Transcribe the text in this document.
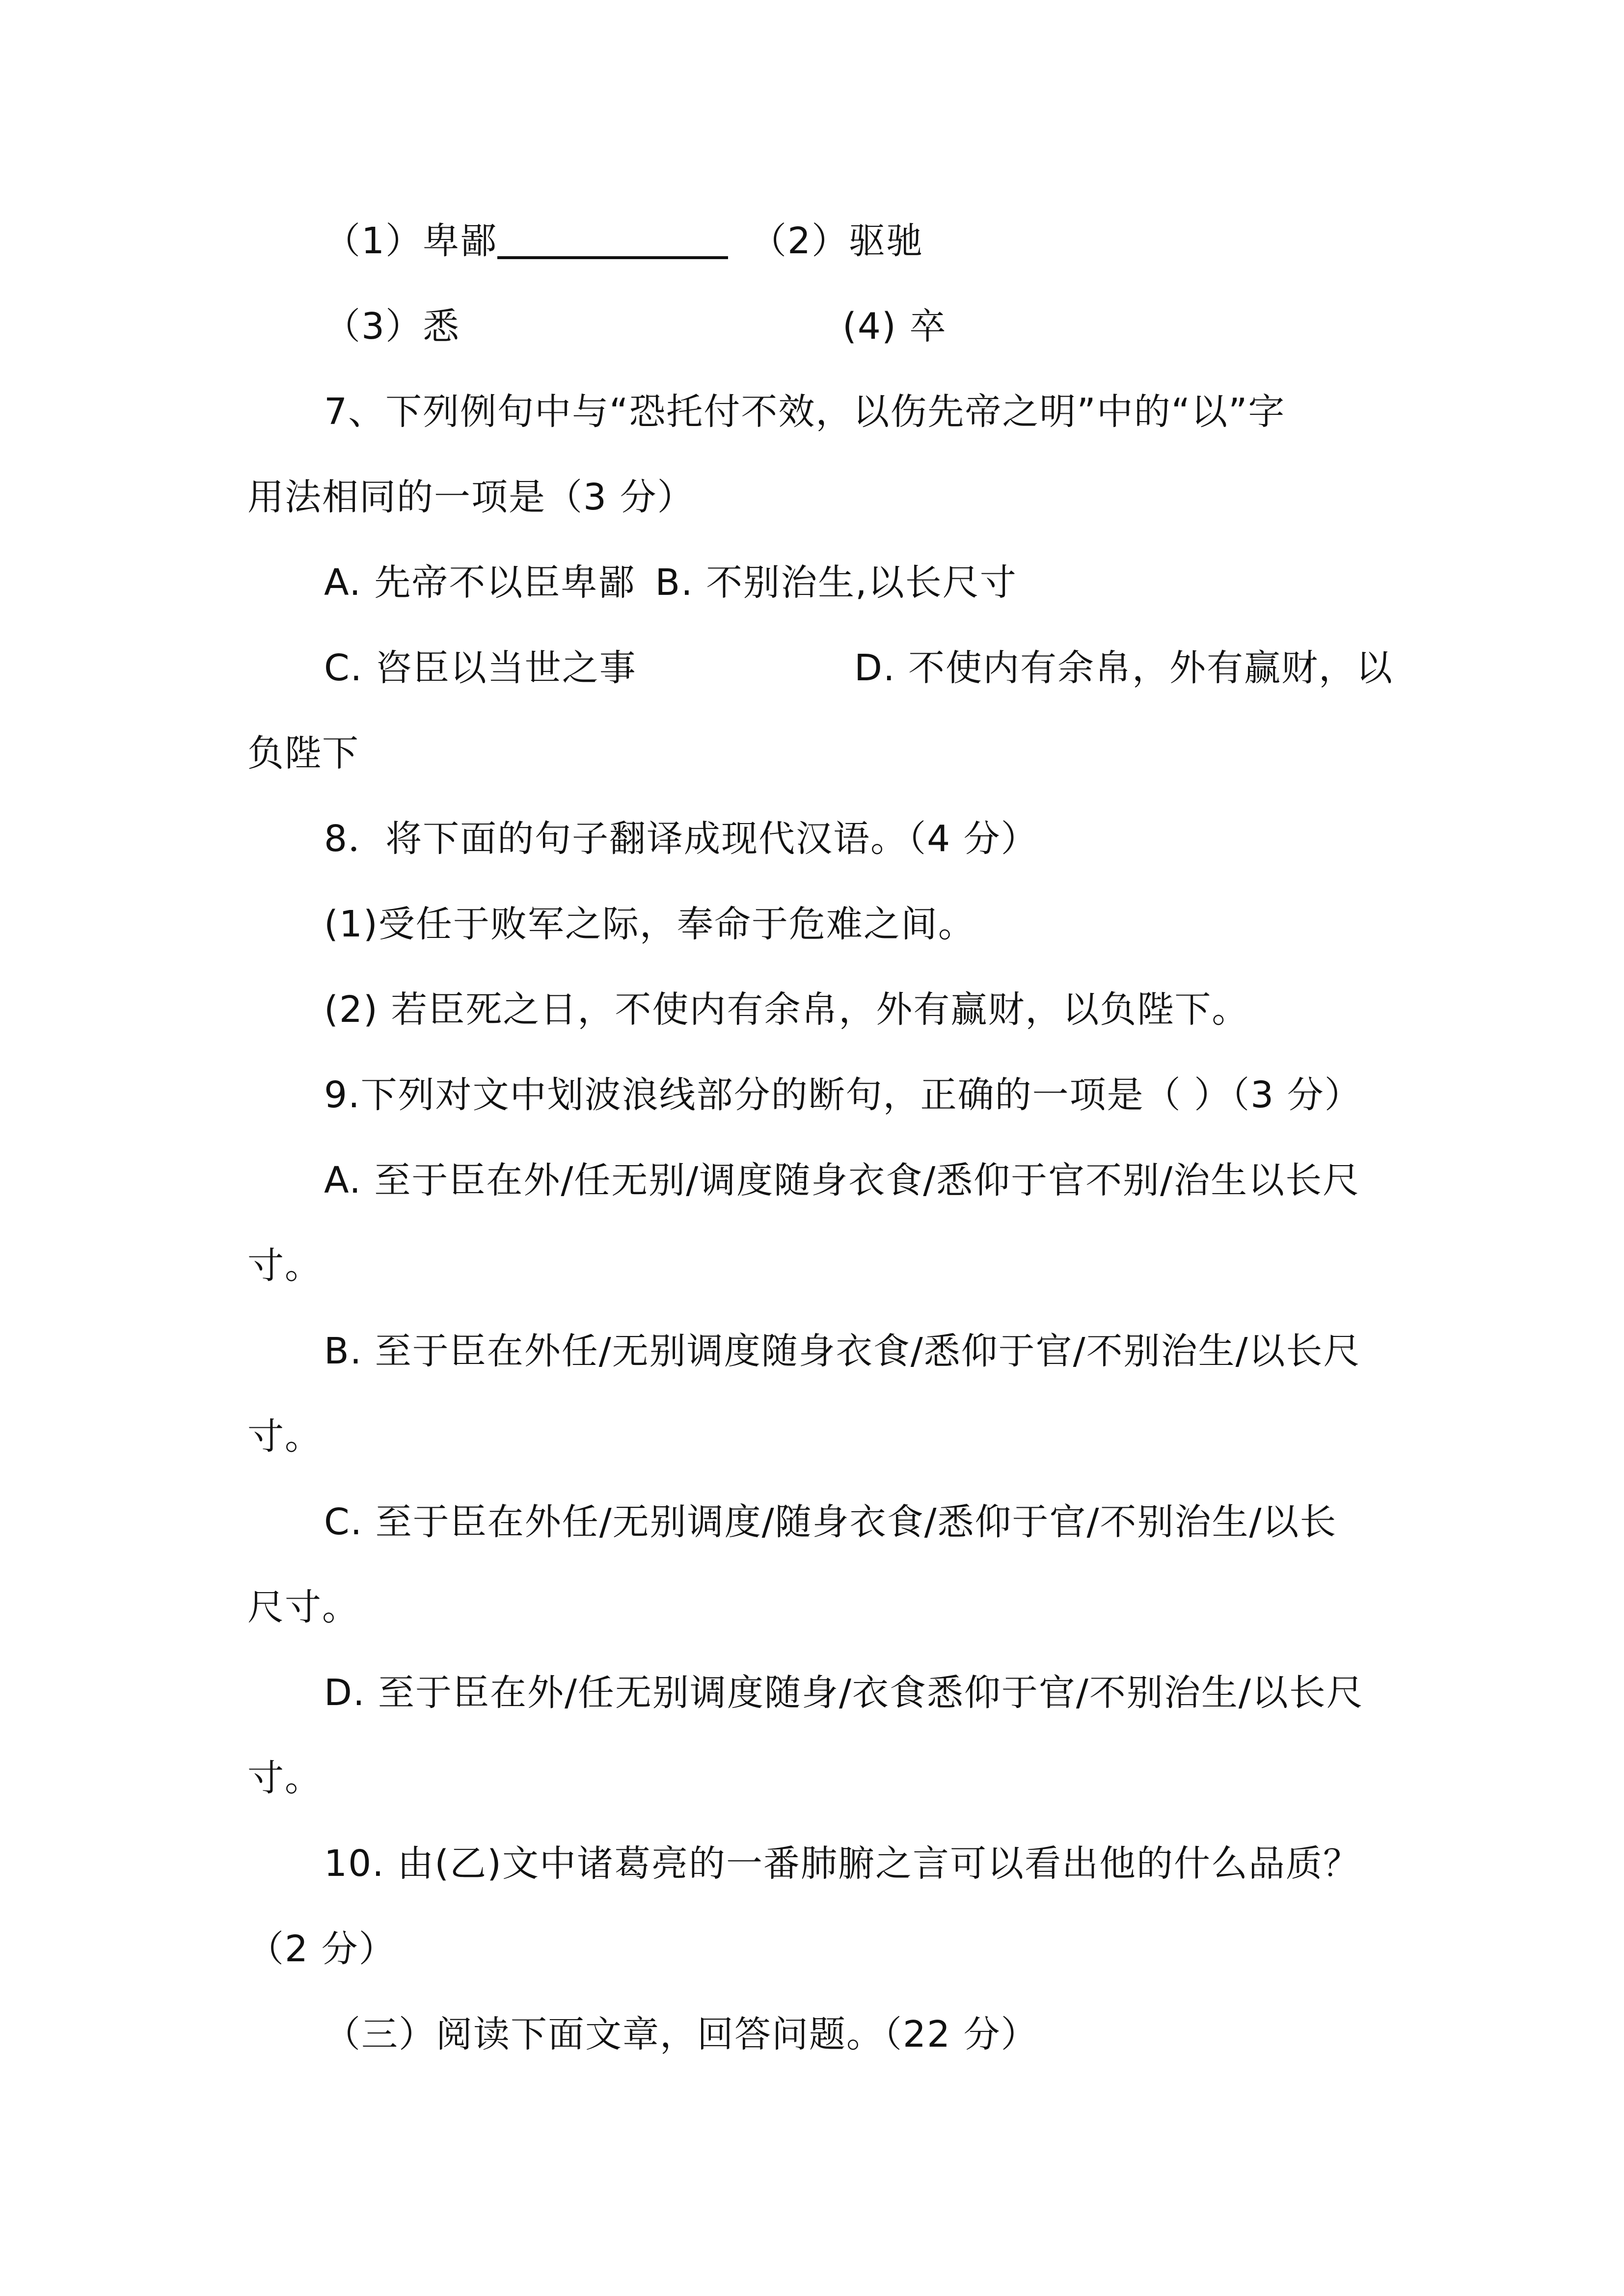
（1）卑鄙	（2）驱驰
（3）悉	(4) 卒
7、下列例句中与“恐托付不效，以伤先帝之明”中的“以”字
用法相同的一项是（3 分）
A. 先帝不以臣卑鄙 B. 不别治生,以长尺寸
C. 咨臣以当世之事	D. 不使内有余帛，外有赢财，以
负陛下
8．将下面的句子翻译成现代汉语。（4 分）
(1)受任于败军之际，奉命于危难之间。
(2) 若臣死之日，不使内有余帛，外有赢财，以负陛下。
9.下列对文中划波浪线部分的断句，正确的一项是（ ）（3 分）
A. 至于臣在外/任无别/调度随身衣食/悉仰于官不别/治生以长尺
寸。
B. 至于臣在外任/无别调度随身衣食/悉仰于官/不别治生/以长尺
寸。
C. 至于臣在外任/无别调度/随身衣食/悉仰于官/不别治生/以长
尺寸。
D. 至于臣在外/任无别调度随身/衣食悉仰于官/不别治生/以长尺
寸。
10. 由(乙)文中诸葛亮的一番肺腑之言可以看出他的什么品质？
（2 分）
（三）阅读下面文章，回答问题。（22 分）
